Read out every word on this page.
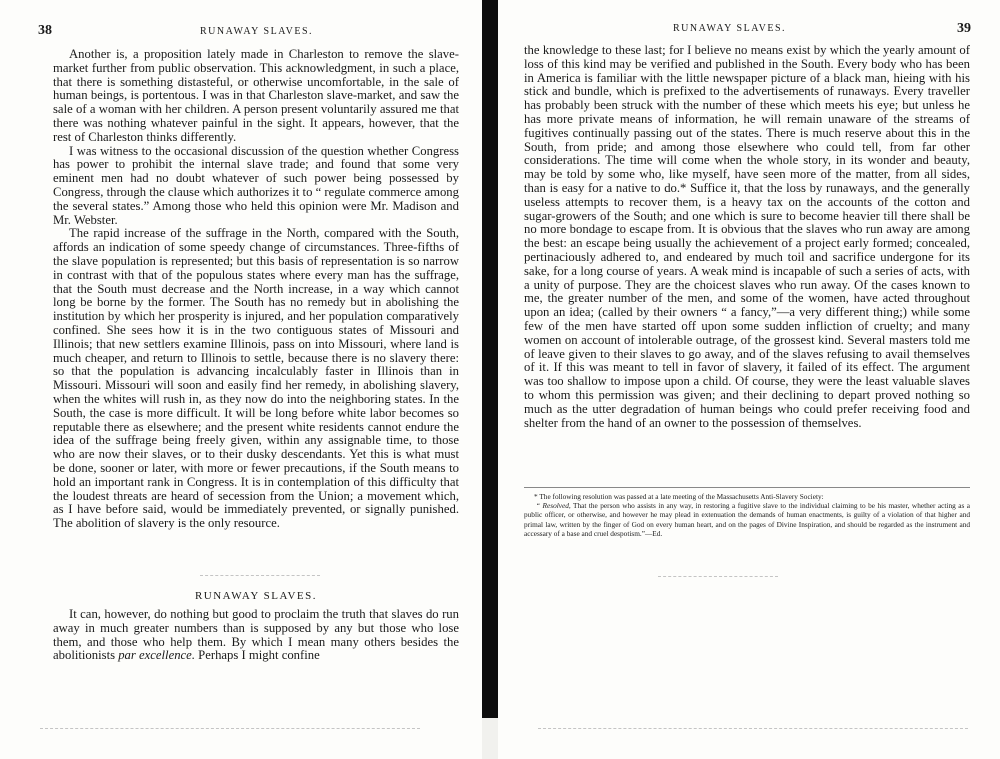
38	RUNAWAY SLAVES.

Another is, a proposition lately made in Charleston to remove the slave-market further from public observation. This acknowledgment, in such a place, that there is something distasteful, or otherwise uncomfortable, in the sale of human beings, is portentous. I was in that Charleston slave-market, and saw the sale of a woman with her children. A person present voluntarily assured me that there was nothing whatever painful in the sight. It appears, however, that the rest of Charleston thinks differently.

I was witness to the occasional discussion of the question whether Congress has power to prohibit the internal slave trade; and found that some very eminent men had no doubt whatever of such power being possessed by Congress, through the clause which authorizes it to “ regulate commerce among the several states.” Among those who held this opinion were Mr. Madison and Mr. Webster.

The rapid increase of the suffrage in the North, compared with the South, affords an indication of some speedy change of circumstances. Three-fifths of the slave population is represented; but this basis of representation is so narrow in contrast with that of the populous states where every man has the suffrage, that the South must decrease and the North increase, in a way which cannot long be borne by the former. The South has no remedy but in abolishing the institution by which her prosperity is injured, and her population comparatively confined. She sees how it is in the two contiguous states of Missouri and Illinois; that new settlers examine Illinois, pass on into Missouri, where land is much cheaper, and return to Illinois to settle, because there is no slavery there: so that the population is advancing incalculably faster in Illinois than in Missouri. Missouri will soon and easily find her remedy, in abolishing slavery, when the whites will rush in, as they now do into the neighboring states. In the South, the case is more difficult. It will be long before white labor becomes so reputable there as elsewhere; and the present white residents cannot endure the idea of the suffrage being freely given, within any assignable time, to those who are now their slaves, or to their dusky descendants. Yet this is what must be done, sooner or later, with more or fewer precautions, if the South means to hold an important rank in Congress. It is in contemplation of this difficulty that the loudest threats are heard of secession from the Union; a movement which, as I have before said, would be immediately prevented, or signally punished. The abolition of slavery is the only resource.

RUNAWAY SLAVES.

It can, however, do nothing but good to proclaim the truth that slaves do run away in much greater numbers than is supposed by any but those who lose them, and those who help them. By which I mean many others besides the abolitionists par excellence. Perhaps I might confine

RUNAWAY SLAVES.	39

the knowledge to these last; for I believe no means exist by which the yearly amount of loss of this kind may be verified and published in the South. Every body who has been in America is familiar with the little newspaper picture of a black man, hieing with his stick and bundle, which is prefixed to the advertisements of runaways. Every traveller has probably been struck with the number of these which meets his eye; but unless he has more private means of information, he will remain unaware of the streams of fugitives continually passing out of the states. There is much reserve about this in the South, from pride; and among those elsewhere who could tell, from far other considerations. The time will come when the whole story, in its wonder and beauty, may be told by some who, like myself, have seen more of the matter, from all sides, than is easy for a native to do.* Suffice it, that the loss by runaways, and the generally useless attempts to recover them, is a heavy tax on the accounts of the cotton and sugar-growers of the South; and one which is sure to become heavier till there shall be no more bondage to escape from. It is obvious that the slaves who run away are among the best: an escape being usually the achievement of a project early formed; concealed, pertinaciously adhered to, and endeared by much toil and sacrifice undergone for its sake, for a long course of years. A weak mind is incapable of such a series of acts, with a unity of purpose. They are the choicest slaves who run away. Of the cases known to me, the greater number of the men, and some of the women, have acted throughout upon an idea; (called by their owners “ a fancy,”—a very different thing;) while some few of the men have started off upon some sudden infliction of cruelty; and many women on account of intolerable outrage, of the grossest kind. Several masters told me of leave given to their slaves to go away, and of the slaves refusing to avail themselves of it. If this was meant to tell in favor of slavery, it failed of its effect. The argument was too shallow to impose upon a child. Of course, they were the least valuable slaves to whom this permission was given; and their declining to depart proved nothing so much as the utter degradation of human beings who could prefer receiving food and shelter from the hand of an owner to the possession of themselves.

* The following resolution was passed at a late meeting of the Massachusetts Anti-Slavery Society:

“ Resolved, That the person who assists in any way, in restoring a fugitive slave to the individual claiming to be his master, whether acting as a public officer, or otherwise, and however he may plead in extenuation the demands of human enactments, is guilty of a violation of that higher and primal law, written by the finger of God on every human heart, and on the pages of Divine Inspiration, and should be regarded as the instrument and accessary of a base and cruel despotism.”—Ed.
